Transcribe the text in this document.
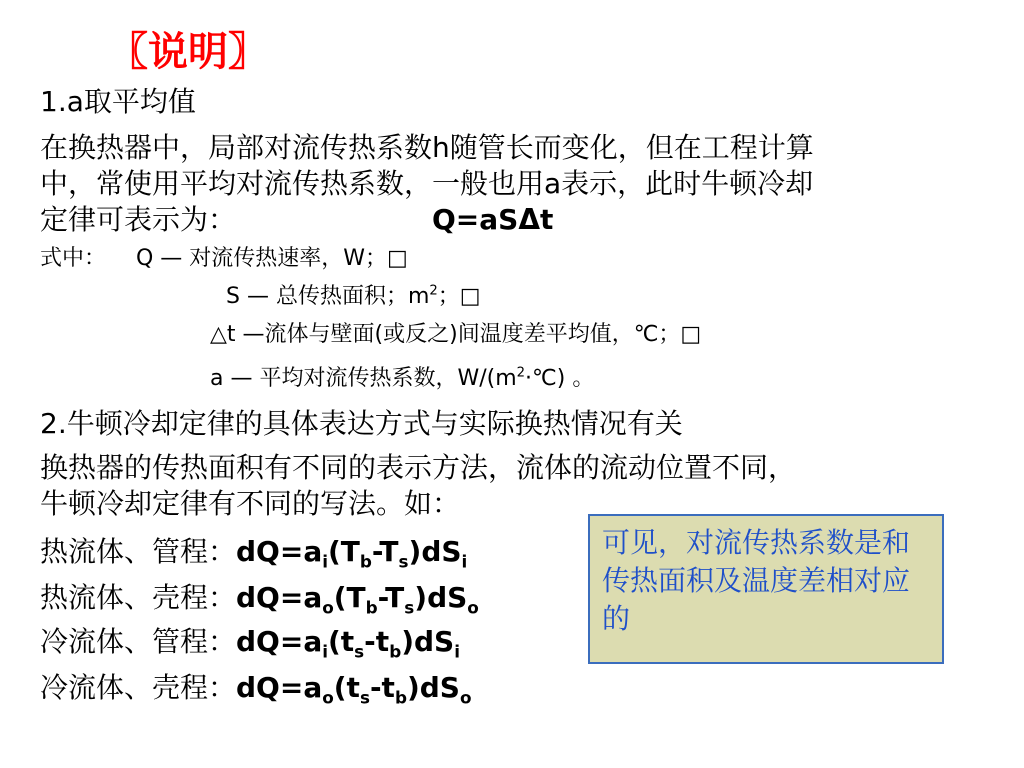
〖说明〗
1.a取平均值
在换热器中，局部对流传热系数h随管长而变化，但在工程计算
中，常使用平均对流传热系数，一般也用a表示，此时牛顿冷却
定律可表示为：	Q=aSΔt
式中： Q — 对流传热速率，W；□
S — 总传热面积；$m^2$；□
△t —流体与壁面(或反之)间温度差平均值，℃；□
a — 平均对流传热系数，$W/(m^2\cdot℃)$ 。
2.牛顿冷却定律的具体表达方式与实际换热情况有关
换热器的传热面积有不同的表示方法，流体的流动位置不同，
牛顿冷却定律有不同的写法。如：
热流体、管程：$dQ=a_i(T_b-T_s)dS_i$
热流体、壳程：$dQ=a_o(T_b-T_s)dS_o$
冷流体、管程：$dQ=a_i(t_s-t_b)dS_i$
冷流体、壳程：$dQ=a_o(t_s-t_b)dS_o$
可见，对流传热系数是和传热面积及温度差相对应的
